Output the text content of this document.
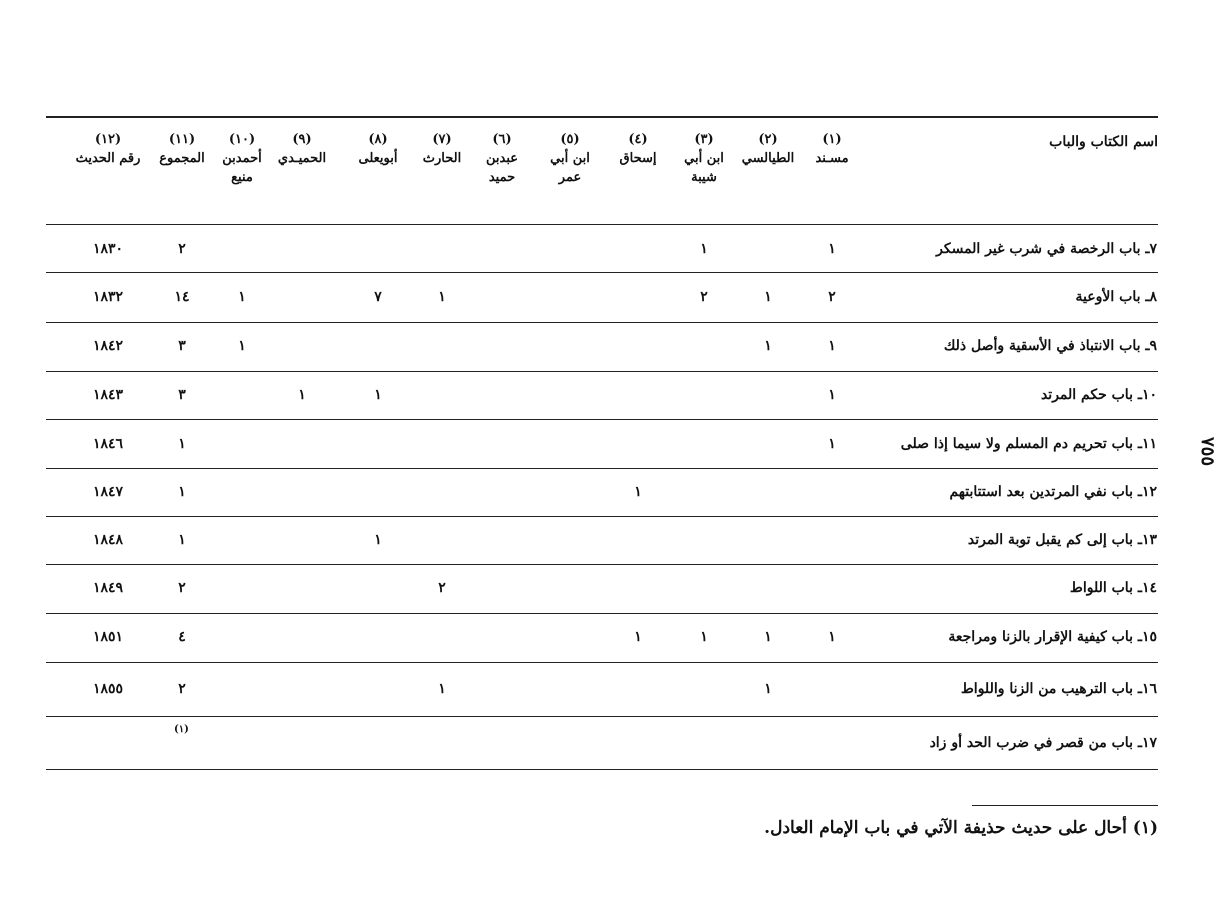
اسم الكتاب والباب
(١)
مسـند
(٢)
الطيالسي
(٣)
ابن أبي
شيبة
(٤)
إسحاق
(٥)
ابن أبي
عمر
(٦)
عبدبن
حميد
(٧)
الحارث
(٨)
أبويعلى
(٩)
الحميـدي
(١٠)
أحمدبن
منيع
(١١)
المجموع
(١٢)
رقم الحديث
٧ـ باب الرخصة في شرب غير المسكر
١
١
٢
١٨٣٠
٨ـ باب الأوعية
٢
١
٢
١
٧
١
١٤
١٨٣٢
٩ـ باب الانتباذ في الأسقية وأصل ذلك
١
١
١
٣
١٨٤٢
١٠ـ باب حكم المرتد
١
١
١
٣
١٨٤٣
١١ـ باب تحريم دم المسلم ولا سيما إذا صلى
١
١
١٨٤٦
١٢ـ باب نفي المرتدين بعد استتابتهم
١
١
١٨٤٧
١٣ـ باب إلى كم يقبل توبة المرتد
١
١
١٨٤٨
١٤ـ باب اللواط
٢
٢
١٨٤٩
١٥ـ باب كيفية الإقرار بالزنا ومراجعة
١
١
١
١
٤
١٨٥١
١٦ـ باب الترهيب من الزنا واللواط
١
١
٢
١٨٥٥
١٧ـ باب من قصر في ضرب الحد أو زاد
(١)
٧٥٥
(١) أحال على حديث حذيفة الآتي في باب الإمام العادل.
